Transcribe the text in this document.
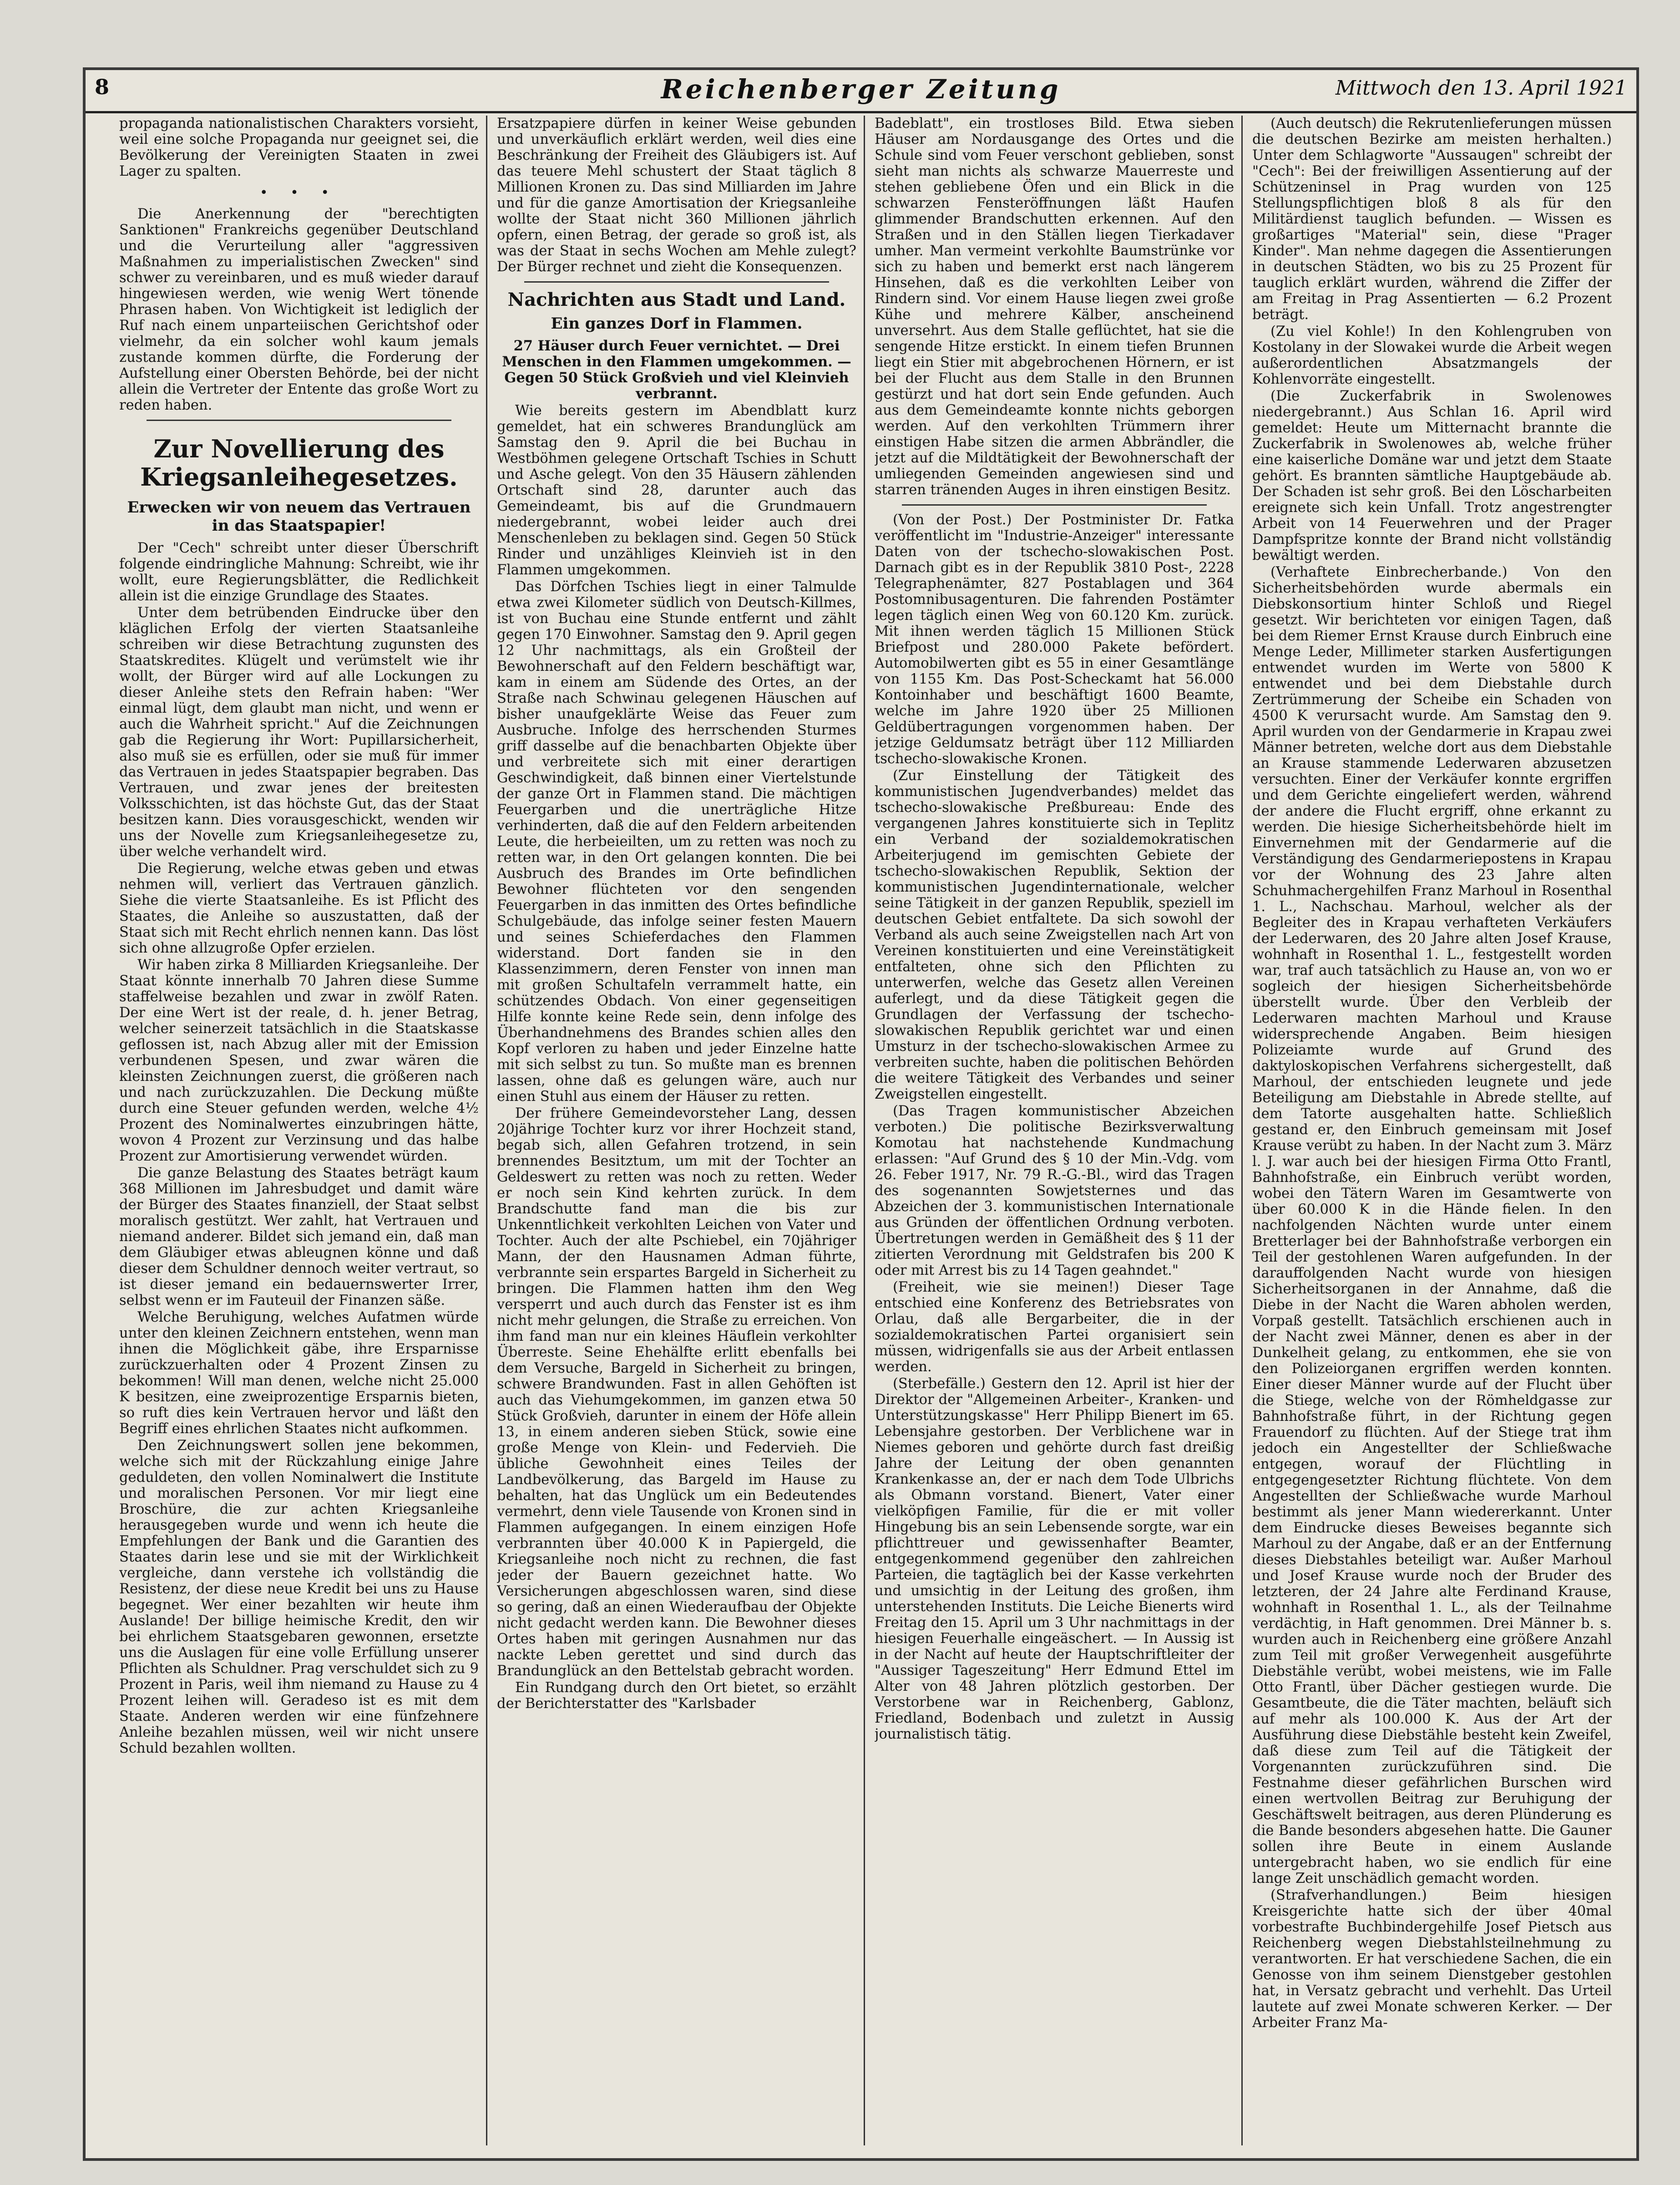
8	Reichenberger Zeitung	Mittwoch den 13. April 1921

propaganda nationalistischen Charakters vorsieht, weil eine solche Propaganda nur geeignet sei, die Bevölkerung der Vereinigten Staaten in zwei Lager zu spalten.

• • •

Die Anerkennung der "berechtigten Sanktionen" Frankreichs gegenüber Deutschland und die Verurteilung aller "aggressiven Maßnahmen zu imperialistischen Zwecken" sind schwer zu vereinbaren, und es muß wieder darauf hingewiesen werden, wie wenig Wert tönende Phrasen haben. Von Wichtigkeit ist lediglich der Ruf nach einem unparteiischen Gerichtshof oder vielmehr, da ein solcher wohl kaum jemals zustande kommen dürfte, die Forderung der Aufstellung einer Obersten Behörde, bei der nicht allein die Vertreter der Entente das große Wort zu reden haben.

Zur Novellierung des Kriegsanleihegesetzes.
Erwecken wir von neuem das Vertrauen in das Staatspapier!

Der "Cech" schreibt unter dieser Überschrift folgende eindringliche Mahnung: Schreibt, wie ihr wollt, eure Regierungsblätter, die Redlichkeit allein ist die einzige Grundlage des Staates.

Unter dem betrübenden Eindrucke über den kläglichen Erfolg der vierten Staatsanleihe schreiben wir diese Betrachtung zugunsten des Staatskredites. Klügelt und verümstelt wie ihr wollt, der Bürger wird auf alle Lockungen zu dieser Anleihe stets den Refrain haben: "Wer einmal lügt, dem glaubt man nicht, und wenn er auch die Wahrheit spricht." Auf die Zeichnungen gab die Regierung ihr Wort: Pupillarsicherheit, also muß sie es erfüllen, oder sie muß für immer das Vertrauen in jedes Staatspapier begraben. Das Vertrauen, und zwar jenes der breitesten Volksschichten, ist das höchste Gut, das der Staat besitzen kann. Dies vorausgeschickt, wenden wir uns der Novelle zum Kriegsanleihegesetze zu, über welche verhandelt wird.

Die Regierung, welche etwas geben und etwas nehmen will, verliert das Vertrauen gänzlich. Siehe die vierte Staatsanleihe. Es ist Pflicht des Staates, die Anleihe so auszustatten, daß der Staat sich mit Recht ehrlich nennen kann. Das löst sich ohne allzugroße Opfer erzielen.

Wir haben zirka 8 Milliarden Kriegsanleihe. Der Staat könnte innerhalb 70 Jahren diese Summe staffelweise bezahlen und zwar in zwölf Raten. Der eine Wert ist der reale, d. h. jener Betrag, welcher seinerzeit tatsächlich in die Staatskasse geflossen ist, nach Abzug aller mit der Emission verbundenen Spesen, und zwar wären die kleinsten Zeichnungen zuerst, die größeren nach und nach zurückzuzahlen. Die Deckung müßte durch eine Steuer gefunden werden, welche 4½ Prozent des Nominalwertes einzubringen hätte, wovon 4 Prozent zur Verzinsung und das halbe Prozent zur Amortisierung verwendet würden.

Die ganze Belastung des Staates beträgt kaum 368 Millionen im Jahresbudget und damit wäre der Bürger des Staates finanziell, der Staat selbst moralisch gestützt. Wer zahlt, hat Vertrauen und niemand anderer. Bildet sich jemand ein, daß man dem Gläubiger etwas ableugnen könne und daß dieser dem Schuldner dennoch weiter vertraut, so ist dieser jemand ein bedauernswerter Irrer, selbst wenn er im Fauteuil der Finanzen säße.

Welche Beruhigung, welches Aufatmen würde unter den kleinen Zeichnern entstehen, wenn man ihnen die Möglichkeit gäbe, ihre Ersparnisse zurückzuerhalten oder 4 Prozent Zinsen zu bekommen! Will man denen, welche nicht 25.000 K besitzen, eine zweiprozentige Ersparnis bieten, so ruft dies kein Vertrauen hervor und läßt den Begriff eines ehrlichen Staates nicht aufkommen.

Den Zeichnungswert sollen jene bekommen, welche sich mit der Rückzahlung einige Jahre geduldeten, den vollen Nominalwert die Institute und moralischen Personen. Vor mir liegt eine Broschüre, die zur achten Kriegsanleihe herausgegeben wurde und wenn ich heute die Empfehlungen der Bank und die Garantien des Staates darin lese und sie mit der Wirklichkeit vergleiche, dann verstehe ich vollständig die Resistenz, der diese neue Kredit bei uns zu Hause begegnet. Wer einer bezahlten wir heute ihm Auslande! Der billige heimische Kredit, den wir bei ehrlichem Staatsgebaren gewonnen, ersetzte uns die Auslagen für eine volle Erfüllung unserer Pflichten als Schuldner. Prag verschuldet sich zu 9 Prozent in Paris, weil ihm niemand zu Hause zu 4 Prozent leihen will. Geradeso ist es mit dem Staate. Anderen werden wir eine fünfzehnere Anleihe bezahlen müssen, weil wir nicht unsere Schuld bezahlen wollten.

Ersatzpapiere dürfen in keiner Weise gebunden und unverkäuflich erklärt werden, weil dies eine Beschränkung der Freiheit des Gläubigers ist. Auf das teuere Mehl schustert der Staat täglich 8 Millionen Kronen zu. Das sind Milliarden im Jahre und für die ganze Amortisation der Kriegsanleihe wollte der Staat nicht 360 Millionen jährlich opfern, einen Betrag, der gerade so groß ist, als was der Staat in sechs Wochen am Mehle zulegt? Der Bürger rechnet und zieht die Konsequenzen.

Nachrichten aus Stadt und Land.
Ein ganzes Dorf in Flammen.

27 Häuser durch Feuer vernichtet. — Drei Menschen in den Flammen umgekommen. — Gegen 50 Stück Großvieh und viel Kleinvieh verbrannt.

Wie bereits gestern im Abendblatt kurz gemeldet, hat ein schweres Brandunglück am Samstag den 9. April die bei Buchau in Westböhmen gelegene Ortschaft Tschies in Schutt und Asche gelegt. Von den 35 Häusern zählenden Ortschaft sind 28, darunter auch das Gemeindeamt, bis auf die Grundmauern niedergebrannt, wobei leider auch drei Menschenleben zu beklagen sind. Gegen 50 Stück Rinder und unzähliges Kleinvieh ist in den Flammen umgekommen.

Das Dörfchen Tschies liegt in einer Talmulde etwa zwei Kilometer südlich von Deutsch-Killmes, ist von Buchau eine Stunde entfernt und zählt gegen 170 Einwohner. Samstag den 9. April gegen 12 Uhr nachmittags, als ein Großteil der Bewohnerschaft auf den Feldern beschäftigt war, kam in einem am Südende des Ortes, an der Straße nach Schwinau gelegenen Häuschen auf bisher unaufgeklärte Weise das Feuer zum Ausbruche. Infolge des herrschenden Sturmes griff dasselbe auf die benachbarten Objekte über und verbreitete sich mit einer derartigen Geschwindigkeit, daß binnen einer Viertelstunde der ganze Ort in Flammen stand. Die mächtigen Feuergarben und die unerträgliche Hitze verhinderten, daß die auf den Feldern arbeitenden Leute, die herbeieilten, um zu retten was noch zu retten war, in den Ort gelangen konnten. Die bei Ausbruch des Brandes im Orte befindlichen Bewohner flüchteten vor den sengenden Feuergarben in das inmitten des Ortes befindliche Schulgebäude, das infolge seiner festen Mauern und seines Schieferdaches den Flammen widerstand. Dort fanden sie in den Klassenzimmern, deren Fenster von innen man mit großen Schultafeln verrammelt hatte, ein schützendes Obdach. Von einer gegenseitigen Hilfe konnte keine Rede sein, denn infolge des Überhandnehmens des Brandes schien alles den Kopf verloren zu haben und jeder Einzelne hatte mit sich selbst zu tun. So mußte man es brennen lassen, ohne daß es gelungen wäre, auch nur einen Stuhl aus einem der Häuser zu retten.

Der frühere Gemeindevorsteher Lang, dessen 20jährige Tochter kurz vor ihrer Hochzeit stand, begab sich, allen Gefahren trotzend, in sein brennendes Besitztum, um mit der Tochter an Geldeswert zu retten was noch zu retten. Weder er noch sein Kind kehrten zurück. In dem Brandschutte fand man die bis zur Unkenntlichkeit verkohlten Leichen von Vater und Tochter. Auch der alte Pschiebel, ein 70jähriger Mann, der den Hausnamen Adman führte, verbrannte sein erspartes Bargeld in Sicherheit zu bringen. Die Flammen hatten ihm den Weg versperrt und auch durch das Fenster ist es ihm nicht mehr gelungen, die Straße zu erreichen. Von ihm fand man nur ein kleines Häuflein verkohlter Überreste. Seine Ehehälfte erlitt ebenfalls bei dem Versuche, Bargeld in Sicherheit zu bringen, schwere Brandwunden. Fast in allen Gehöften ist auch das Viehumgekommen, im ganzen etwa 50 Stück Großvieh, darunter in einem der Höfe allein 13, in einem anderen sieben Stück, sowie eine große Menge von Klein- und Federvieh. Die übliche Gewohnheit eines Teiles der Landbevölkerung, das Bargeld im Hause zu behalten, hat das Unglück um ein Bedeutendes vermehrt, denn viele Tausende von Kronen sind in Flammen aufgegangen. In einem einzigen Hofe verbrannten über 40.000 K in Papiergeld, die Kriegsanleihe noch nicht zu rechnen, die fast jeder der Bauern gezeichnet hatte. Wo Versicherungen abgeschlossen waren, sind diese so gering, daß an einen Wiederaufbau der Objekte nicht gedacht werden kann. Die Bewohner dieses Ortes haben mit geringen Ausnahmen nur das nackte Leben gerettet und sind durch das Brandunglück an den Bettelstab gebracht worden.

Ein Rundgang durch den Ort bietet, so erzählt der Berichterstatter des "Karlsbader

Badeblatt", ein trostloses Bild. Etwa sieben Häuser am Nordausgange des Ortes und die Schule sind vom Feuer verschont geblieben, sonst sieht man nichts als schwarze Mauerreste und stehen gebliebene Öfen und ein Blick in die schwarzen Fensteröffnungen läßt Haufen glimmender Brandschutten erkennen. Auf den Straßen und in den Ställen liegen Tierkadaver umher. Man vermeint verkohlte Baumstrünke vor sich zu haben und bemerkt erst nach längerem Hinsehen, daß es die verkohlten Leiber von Rindern sind. Vor einem Hause liegen zwei große Kühe und mehrere Kälber, anscheinend unversehrt. Aus dem Stalle geflüchtet, hat sie die sengende Hitze erstickt. In einem tiefen Brunnen liegt ein Stier mit abgebrochenen Hörnern, er ist bei der Flucht aus dem Stalle in den Brunnen gestürzt und hat dort sein Ende gefunden. Auch aus dem Gemeindeamte konnte nichts geborgen werden. Auf den verkohlten Trümmern ihrer einstigen Habe sitzen die armen Abbrändler, die jetzt auf die Mildtätigkeit der Bewohnerschaft der umliegenden Gemeinden angewiesen sind und starren tränenden Auges in ihren einstigen Besitz.

(Von der Post.) Der Postminister Dr. Fatka veröffentlicht im "Industrie-Anzeiger" interessante Daten von der tschecho-slowakischen Post. Darnach gibt es in der Republik 3810 Post-, 2228 Telegraphenämter, 827 Postablagen und 364 Postomnibusagenturen. Die fahrenden Postämter legen täglich einen Weg von 60.120 Km. zurück. Mit ihnen werden täglich 15 Millionen Stück Briefpost und 280.000 Pakete befördert. Automobilwerten gibt es 55 in einer Gesamtlänge von 1155 Km. Das Post-Scheckamt hat 56.000 Kontoinhaber und beschäftigt 1600 Beamte, welche im Jahre 1920 über 25 Millionen Geldübertragungen vorgenommen haben. Der jetzige Geldumsatz beträgt über 112 Milliarden tschecho-slowakische Kronen.

(Zur Einstellung der Tätigkeit des kommunistischen Jugendverbandes) meldet das tschecho-slowakische Preßbureau: Ende des vergangenen Jahres konstituierte sich in Teplitz ein Verband der sozialdemokratischen Arbeiterjugend im gemischten Gebiete der tschecho-slowakischen Republik, Sektion der kommunistischen Jugendinternationale, welcher seine Tätigkeit in der ganzen Republik, speziell im deutschen Gebiet entfaltete. Da sich sowohl der Verband als auch seine Zweigstellen nach Art von Vereinen konstituierten und eine Vereinstätigkeit entfalteten, ohne sich den Pflichten zu unterwerfen, welche das Gesetz allen Vereinen auferlegt, und da diese Tätigkeit gegen die Grundlagen der Verfassung der tschecho-slowakischen Republik gerichtet war und einen Umsturz in der tschecho-slowakischen Armee zu verbreiten suchte, haben die politischen Behörden die weitere Tätigkeit des Verbandes und seiner Zweigstellen eingestellt.

(Das Tragen kommunistischer Abzeichen verboten.) Die politische Bezirksverwaltung Komotau hat nachstehende Kundmachung erlassen: "Auf Grund des § 10 der Min.-Vdg. vom 26. Feber 1917, Nr. 79 R.-G.-Bl., wird das Tragen des sogenannten Sowjetsternes und das Abzeichen der 3. kommunistischen Internationale aus Gründen der öffentlichen Ordnung verboten. Übertretungen werden in Gemäßheit des § 11 der zitierten Verordnung mit Geldstrafen bis 200 K oder mit Arrest bis zu 14 Tagen geahndet."

(Freiheit, wie sie meinen!) Dieser Tage entschied eine Konferenz des Betriebsrates von Orlau, daß alle Bergarbeiter, die in der sozialdemokratischen Partei organisiert sein müssen, widrigenfalls sie aus der Arbeit entlassen werden.

(Sterbefälle.) Gestern den 12. April ist hier der Direktor der "Allgemeinen Arbeiter-, Kranken- und Unterstützungskasse" Herr Philipp Bienert im 65. Lebensjahre gestorben. Der Verblichene war in Niemes geboren und gehörte durch fast dreißig Jahre der Leitung der oben genannten Krankenkasse an, der er nach dem Tode Ulbrichs als Obmann vorstand. Bienert, Vater einer vielköpfigen Familie, für die er mit voller Hingebung bis an sein Lebensende sorgte, war ein pflichttreuer und gewissenhafter Beamter, entgegenkommend gegenüber den zahlreichen Parteien, die tagtäglich bei der Kasse verkehrten und umsichtig in der Leitung des großen, ihm unterstehenden Instituts. Die Leiche Bienerts wird Freitag den 15. April um 3 Uhr nachmittags in der hiesigen Feuerhalle eingeäschert. — In Aussig ist in der Nacht auf heute der Hauptschriftleiter der "Aussiger Tageszeitung" Herr Edmund Ettel im Alter von 48 Jahren plötzlich gestorben. Der Verstorbene war in Reichenberg, Gablonz, Friedland, Bodenbach und zuletzt in Aussig journalistisch tätig.

(Auch deutsch) die Rekrutenlieferungen müssen die deutschen Bezirke am meisten herhalten.) Unter dem Schlagworte "Aussaugen" schreibt der "Cech": Bei der freiwilligen Assentierung auf der Schützeninsel in Prag wurden von 125 Stellungspflichtigen bloß 8 als für den Militärdienst tauglich befunden. — Wissen es großartiges "Material" sein, diese "Prager Kinder". Man nehme dagegen die Assentierungen in deutschen Städten, wo bis zu 25 Prozent für tauglich erklärt wurden, während die Ziffer der am Freitag in Prag Assentierten — 6.2 Prozent beträgt.

(Zu viel Kohle!) In den Kohlengruben von Kostolany in der Slowakei wurde die Arbeit wegen außerordentlichen Absatzmangels der Kohlenvorräte eingestellt.

(Die Zuckerfabrik in Swolenowes niedergebrannt.) Aus Schlan 16. April wird gemeldet: Heute um Mitternacht brannte die Zuckerfabrik in Swolenowes ab, welche früher eine kaiserliche Domäne war und jetzt dem Staate gehört. Es brannten sämtliche Hauptgebäude ab. Der Schaden ist sehr groß. Bei den Löscharbeiten ereignete sich kein Unfall. Trotz angestrengter Arbeit von 14 Feuerwehren und der Prager Dampfspritze konnte der Brand nicht vollständig bewältigt werden.

(Verhaftete Einbrecherbande.) Von den Sicherheitsbehörden wurde abermals ein Diebskonsortium hinter Schloß und Riegel gesetzt. Wir berichteten vor einigen Tagen, daß bei dem Riemer Ernst Krause durch Einbruch eine Menge Leder, Millimeter starken Ausfertigungen entwendet wurden im Werte von 5800 K entwendet und bei dem Diebstahle durch Zertrümmerung der Scheibe ein Schaden von 4500 K verursacht wurde. Am Samstag den 9. April wurden von der Gendarmerie in Krapau zwei Männer betreten, welche dort aus dem Diebstahle an Krause stammende Lederwaren abzusetzen versuchten. Einer der Verkäufer konnte ergriffen und dem Gerichte eingeliefert werden, während der andere die Flucht ergriff, ohne erkannt zu werden. Die hiesige Sicherheitsbehörde hielt im Einvernehmen mit der Gendarmerie auf die Verständigung des Gendarmeriepostens in Krapau vor der Wohnung des 23 Jahre alten Schuhmachergehilfen Franz Marhoul in Rosenthal 1. L., Nachschau. Marhoul, welcher als der Begleiter des in Krapau verhafteten Verkäufers der Lederwaren, des 20 Jahre alten Josef Krause, wohnhaft in Rosenthal 1. L., festgestellt worden war, traf auch tatsächlich zu Hause an, von wo er sogleich der hiesigen Sicherheitsbehörde überstellt wurde. Über den Verbleib der Lederwaren machten Marhoul und Krause widersprechende Angaben. Beim hiesigen Polizeiamte wurde auf Grund des daktyloskopischen Verfahrens sichergestellt, daß Marhoul, der entschieden leugnete und jede Beteiligung am Diebstahle in Abrede stellte, auf dem Tatorte ausgehalten hatte. Schließlich gestand er, den Einbruch gemeinsam mit Josef Krause verübt zu haben. In der Nacht zum 3. März l. J. war auch bei der hiesigen Firma Otto Frantl, Bahnhofstraße, ein Einbruch verübt worden, wobei den Tätern Waren im Gesamtwerte von über 60.000 K in die Hände fielen. In den nachfolgenden Nächten wurde unter einem Bretterlager bei der Bahnhofstraße verborgen ein Teil der gestohlenen Waren aufgefunden. In der darauffolgenden Nacht wurde von hiesigen Sicherheitsorganen in der Annahme, daß die Diebe in der Nacht die Waren abholen werden, Vorpaß gestellt. Tatsächlich erschienen auch in der Nacht zwei Männer, denen es aber in der Dunkelheit gelang, zu entkommen, ehe sie von den Polizeiorganen ergriffen werden konnten. Einer dieser Männer wurde auf der Flucht über die Stiege, welche von der Römheldgasse zur Bahnhofstraße führt, in der Richtung gegen Frauendorf zu flüchten. Auf der Stiege trat ihm jedoch ein Angestellter der Schließwache entgegen, worauf der Flüchtling in entgegengesetzter Richtung flüchtete. Von dem Angestellten der Schließwache wurde Marhoul bestimmt als jener Mann wiedererkannt. Unter dem Eindrucke dieses Beweises begannte sich Marhoul zu der Angabe, daß er an der Entfernung dieses Diebstahles beteiligt war. Außer Marhoul und Josef Krause wurde noch der Bruder des letzteren, der 24 Jahre alte Ferdinand Krause, wohnhaft in Rosenthal 1. L., als der Teilnahme verdächtig, in Haft genommen. Drei Männer b. s. wurden auch in Reichenberg eine größere Anzahl zum Teil mit großer Verwegenheit ausgeführte Diebstähle verübt, wobei meistens, wie im Falle Otto Frantl, über Dächer gestiegen wurde. Die Gesamtbeute, die die Täter machten, beläuft sich auf mehr als 100.000 K. Aus der Art der Ausführung diese Diebstähle besteht kein Zweifel, daß diese zum Teil auf die Tätigkeit der Vorgenannten zurückzuführen sind. Die Festnahme dieser gefährlichen Burschen wird einen wertvollen Beitrag zur Beruhigung der Geschäftswelt beitragen, aus deren Plünderung es die Bande besonders abgesehen hatte. Die Gauner sollen ihre Beute in einem Auslande untergebracht haben, wo sie endlich für eine lange Zeit unschädlich gemacht worden.

(Strafverhandlungen.) Beim hiesigen Kreisgerichte hatte sich der über 40mal vorbestrafte Buchbindergehilfe Josef Pietsch aus Reichenberg wegen Diebstahlsteilnehmung zu verantworten. Er hat verschiedene Sachen, die ein Genosse von ihm seinem Dienstgeber gestohlen hat, in Versatz gebracht und verhehlt. Das Urteil lautete auf zwei Monate schweren Kerker. — Der Arbeiter Franz Ma-
